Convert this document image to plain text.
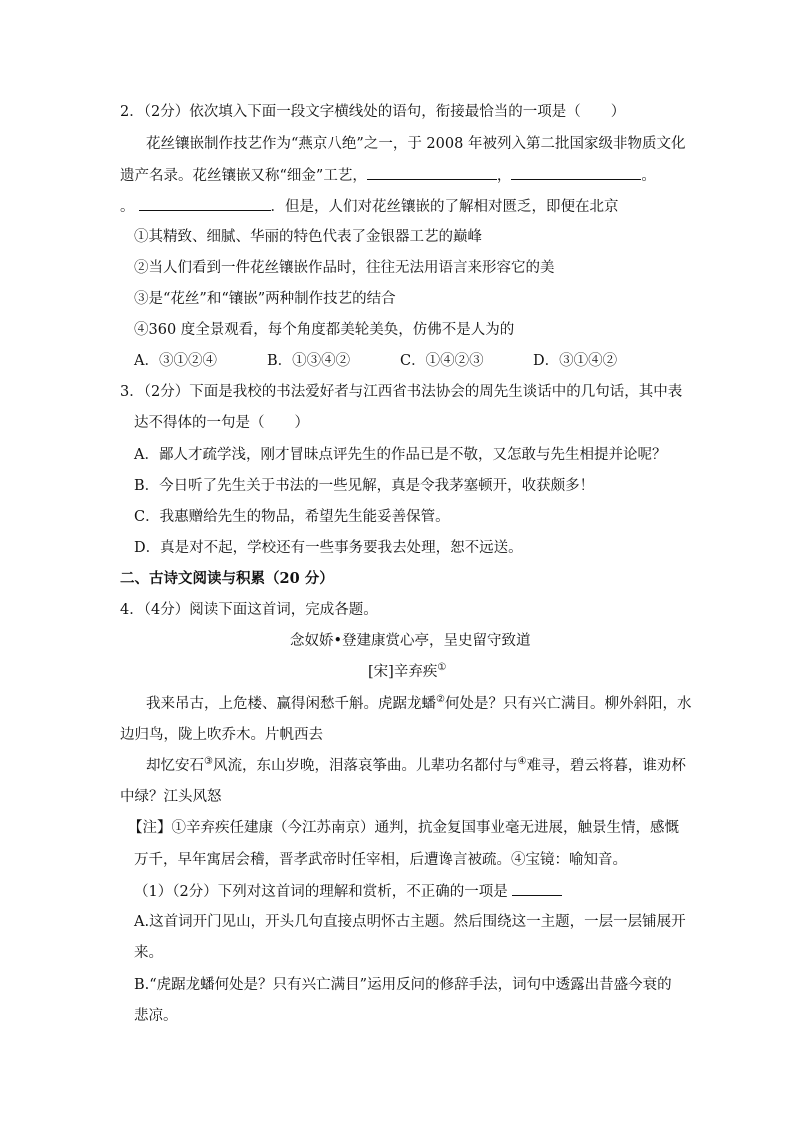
2．（2分）依次填入下面一段文字横线处的语句，衔接最恰当的一项是（ ）
花丝镶嵌制作技艺作为“燕京八绝”之一，于 2008 年被列入第二批国家级非物质文化
遗产名录。花丝镶嵌又称“细金”工艺，	，	。
。	．但是，人们对花丝镶嵌的了解相对匮乏，即便在北京
①其精致、细腻、华丽的特色代表了金银器工艺的巅峰
②当人们看到一件花丝镶嵌作品时，往往无法用语言来形容它的美
③是“花丝”和“镶嵌”两种制作技艺的结合
④360 度全景观看，每个角度都美轮美奂，仿佛不是人为的
A．③①②④	B．①③④②	C．①④②③	D．③①④②
3．（2分）下面是我校的书法爱好者与江西省书法协会的周先生谈话中的几句话，其中表
达不得体的一句是（ ）
A．鄙人才疏学浅，刚才冒昧点评先生的作品已是不敬，又怎敢与先生相提并论呢？
B．今日听了先生关于书法的一些见解，真是令我茅塞顿开，收获颇多！
C．我惠赠给先生的物品，希望先生能妥善保管。
D．真是对不起，学校还有一些事务要我去处理，恕不远送。
二、古诗文阅读与积累（20 分）
4．（4分）阅读下面这首词，完成各题。
念奴娇•登建康赏心亭，呈史留守致道
[宋]辛弃疾①
我来吊古，上危楼、赢得闲愁千斛。虎踞龙蟠②何处是？只有兴亡满目。柳外斜阳，水
边归鸟，陇上吹乔木。片帆西去
却忆安石③风流，东山岁晚，泪落哀筝曲。儿辈功名都付与④难寻，碧云将暮，谁劝杯
中绿？江头风怒
【注】①辛弃疾任建康（今江苏南京）通判，抗金复国事业毫无进展，触景生情，感慨
万千，早年寓居会稽，晋孝武帝时任宰相，后遭谗言被疏。④宝镜：喻知音。
（1）（2分）下列对这首词的理解和赏析，不正确的一项是
A.这首词开门见山，开头几句直接点明怀古主题。然后围绕这一主题，一层一层铺展开
来。
B.“虎踞龙蟠何处是？只有兴亡满目”运用反问的修辞手法，词句中透露出昔盛今衰的
悲凉。
